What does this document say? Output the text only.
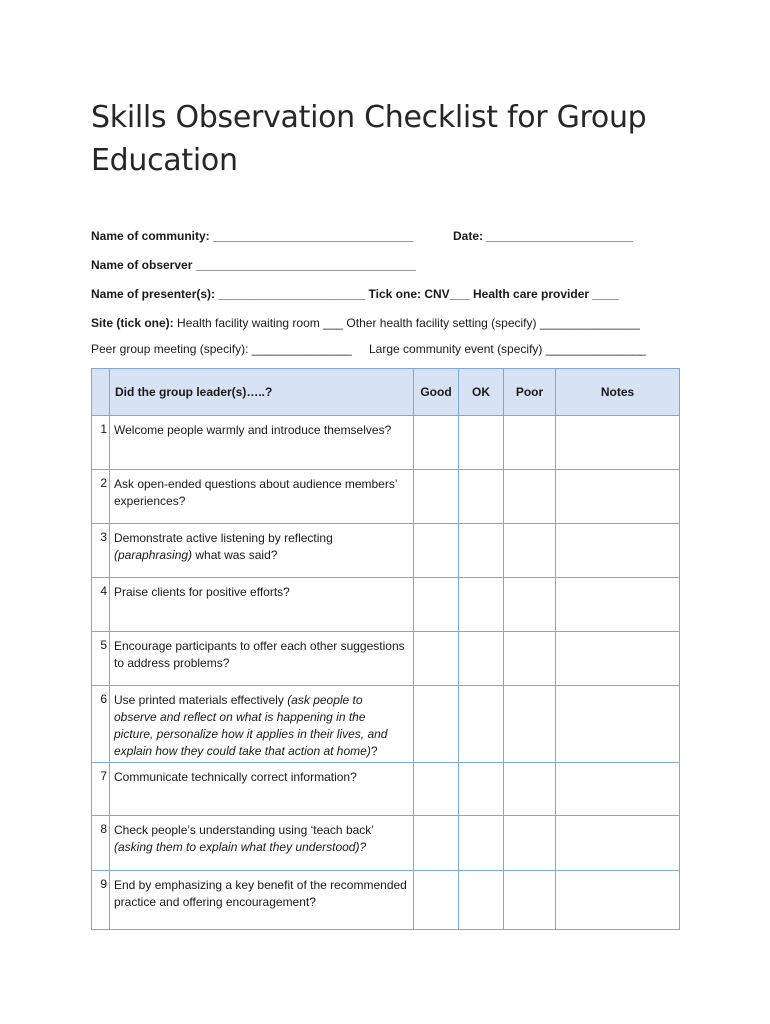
Skills Observation Checklist for Group Education
Name of community: ______________________________	Date: ______________________
Name of observer _________________________________
Name of presenter(s): ______________________ Tick one: CNV___ Health care provider ____
Site (tick one): Health facility waiting room ___ Other health facility setting (specify) _______________
Peer group meeting (specify): _______________ Large community event (specify) _______________
	Did the group leader(s)…..?	Good	OK	Poor	Notes
1	Welcome people warmly and introduce themselves?				
2	Ask open-ended questions about audience members’ experiences?				
3	Demonstrate active listening by reflecting (paraphrasing) what was said?				
4	Praise clients for positive efforts?				
5	Encourage participants to offer each other suggestions to address problems?				
6	Use printed materials effectively (ask people to observe and reflect on what is happening in the picture, personalize how it applies in their lives, and explain how they could take that action at home)?				
7	Communicate technically correct information?				
8	Check people’s understanding using ‘teach back’ (asking them to explain what they understood)?				
9	End by emphasizing a key benefit of the recommended practice and offering encouragement?				
